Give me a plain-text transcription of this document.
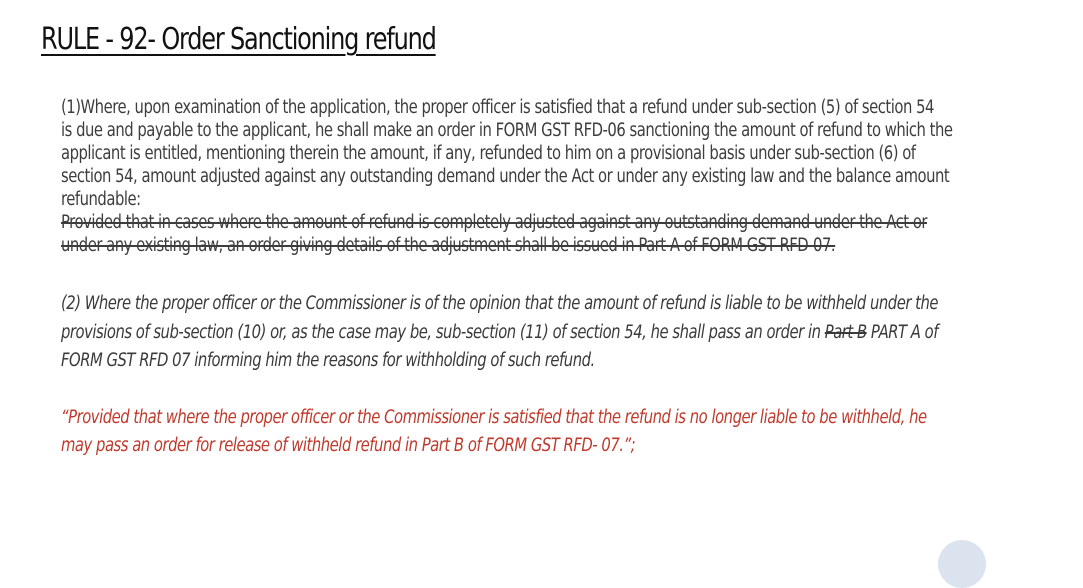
RULE - 92- Order Sanctioning refund

(1)Where, upon examination of the application, the proper officer is satisfied that a refund under sub-section (5) of section 54
is due and payable to the applicant, he shall make an order in FORM GST RFD-06 sanctioning the amount of refund to which the
applicant is entitled, mentioning therein the amount, if any, refunded to him on a provisional basis under sub-section (6) of
section 54, amount adjusted against any outstanding demand under the Act or under any existing law and the balance amount
refundable:
Provided that in cases where the amount of refund is completely adjusted against any outstanding demand under the Act or
under any existing law, an order giving details of the adjustment shall be issued in Part A of FORM GST RFD-07.

(2) Where the proper officer or the Commissioner is of the opinion that the amount of refund is liable to be withheld under the
provisions of sub-section (10) or, as the case may be, sub-section (11) of section 54, he shall pass an order in Part B PART A of
FORM GST RFD 07 informing him the reasons for withholding of such refund.

“Provided that where the proper officer or the Commissioner is satisfied that the refund is no longer liable to be withheld, he
may pass an order for release of withheld refund in Part B of FORM GST RFD- 07.”;
